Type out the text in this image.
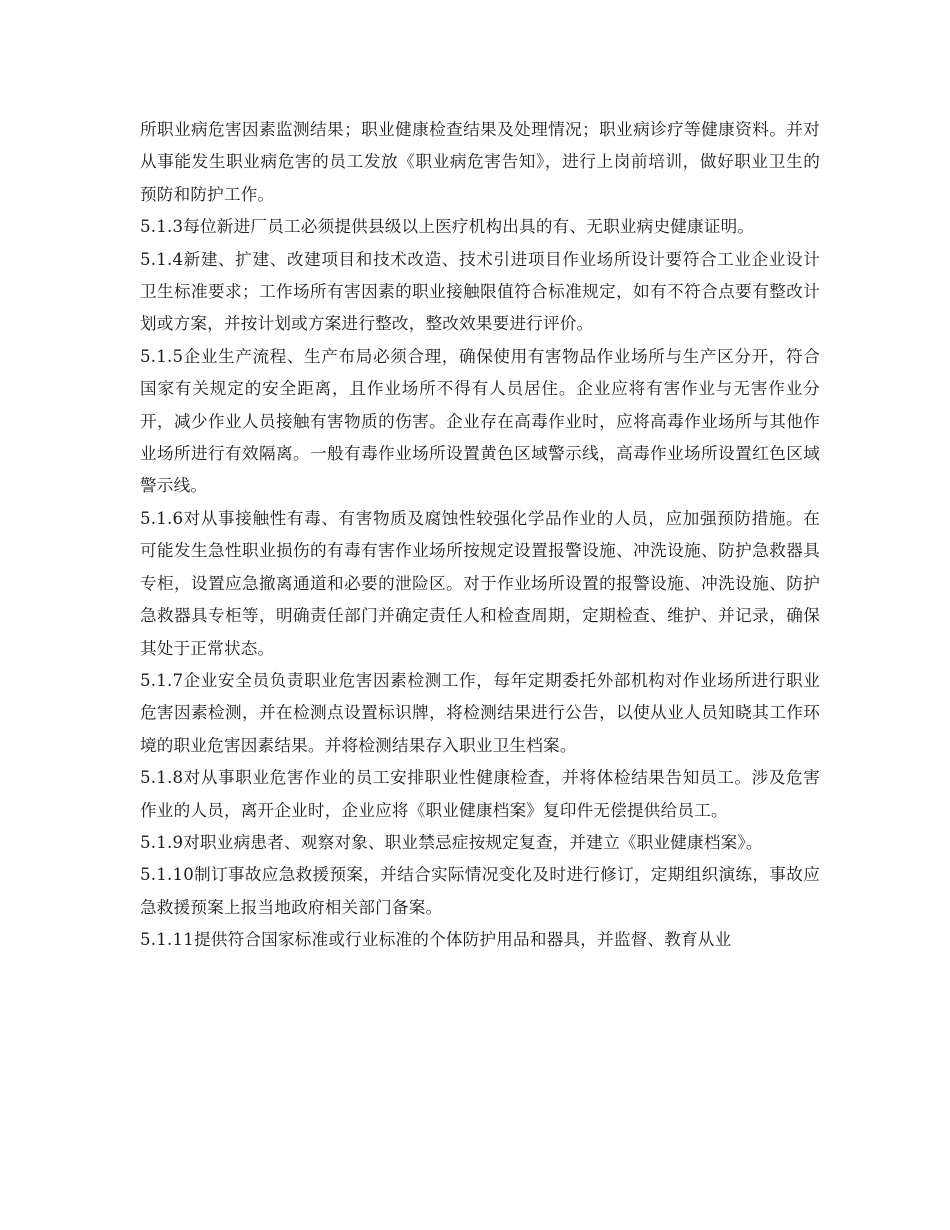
所职业病危害因素监测结果；职业健康检查结果及处理情况；职业病诊疗等健康资料。并对从事能发生职业病危害的员工发放《职业病危害告知》，进行上岗前培训，做好职业卫生的预防和防护工作。

5.1.3每位新进厂员工必须提供县级以上医疗机构出具的有、无职业病史健康证明。

5.1.4新建、扩建、改建项目和技术改造、技术引进项目作业场所设计要符合工业企业设计卫生标准要求；工作场所有害因素的职业接触限值符合标准规定，如有不符合点要有整改计划或方案，并按计划或方案进行整改，整改效果要进行评价。

5.1.5企业生产流程、生产布局必须合理，确保使用有害物品作业场所与生产区分开，符合国家有关规定的安全距离，且作业场所不得有人员居住。企业应将有害作业与无害作业分开，减少作业人员接触有害物质的伤害。企业存在高毒作业时，应将高毒作业场所与其他作业场所进行有效隔离。一般有毒作业场所设置黄色区域警示线，高毒作业场所设置红色区域警示线。

5.1.6对从事接触性有毒、有害物质及腐蚀性较强化学品作业的人员，应加强预防措施。在可能发生急性职业损伤的有毒有害作业场所按规定设置报警设施、冲洗设施、防护急救器具专柜，设置应急撤离通道和必要的泄险区。对于作业场所设置的报警设施、冲洗设施、防护急救器具专柜等，明确责任部门并确定责任人和检查周期，定期检查、维护、并记录，确保其处于正常状态。

5.1.7企业安全员负责职业危害因素检测工作，每年定期委托外部机构对作业场所进行职业危害因素检测，并在检测点设置标识牌，将检测结果进行公告，以使从业人员知晓其工作环境的职业危害因素结果。并将检测结果存入职业卫生档案。

5.1.8对从事职业危害作业的员工安排职业性健康检查，并将体检结果告知员工。涉及危害作业的人员，离开企业时，企业应将《职业健康档案》复印件无偿提供给员工。

5.1.9对职业病患者、观察对象、职业禁忌症按规定复查，并建立《职业健康档案》。

5.1.10制订事故应急救援预案，并结合实际情况变化及时进行修订，定期组织演练，事故应急救援预案上报当地政府相关部门备案。

5.1.11提供符合国家标准或行业标准的个体防护用品和器具，并监督、教育从业
